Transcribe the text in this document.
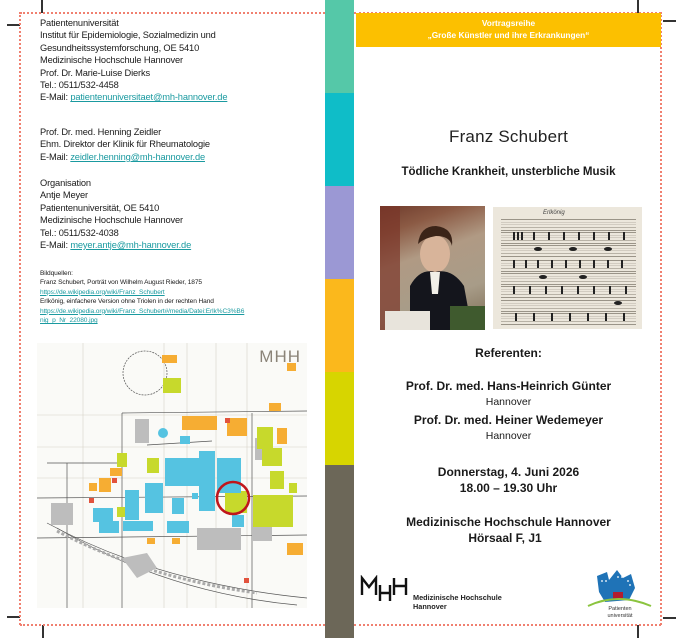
Patientenuniversität
Institut für Epidemiologie, Sozialmedizin und
Gesundheitssystemforschung, OE 5410
Medizinische Hochschule Hannover
Prof. Dr. Marie-Luise Dierks
Tel.: 0511/532-4458
E-Mail: patientenuniversitaet@mh-hannover.de
Prof. Dr. med. Henning Zeidler
Ehm. Direktor der Klinik für Rheumatologie
E-Mail: zeidler.henning@mh-hannover.de
Organisation
Antje Meyer
Patientenuniversität, OE 5410
Medizinische Hochschule Hannover
Tel.: 0511/532-4038
E-Mail: meyer.antje@mh-hannover.de
Bildquellen:
Franz Schubert, Porträt von Wilhelm August Rieder, 1875
https://de.wikipedia.org/wiki/Franz_Schubert
Erlkönig, einfachere Version ohne Triolen in der rechten Hand
https://de.wikipedia.org/wiki/Franz_Schubert#/media/Datei:Erlk%C3%B6
nig_p_Nr_22080.jpg
MHH
Vortragsreihe
„Große Künstler und ihre Erkrankungen“
Franz Schubert
Tödliche Krankheit, unsterbliche Musik
Erlkönig
Referenten:
Prof. Dr. med. Hans-Heinrich Günter
Hannover
Prof. Dr. med. Heiner Wedemeyer
Hannover
Donnerstag, 4. Juni 2026
18.00 – 19.30 Uhr
Medizinische Hochschule Hannover
Hörsaal F, J1
Medizinische Hochschule
Hannover	Patienten
universität
